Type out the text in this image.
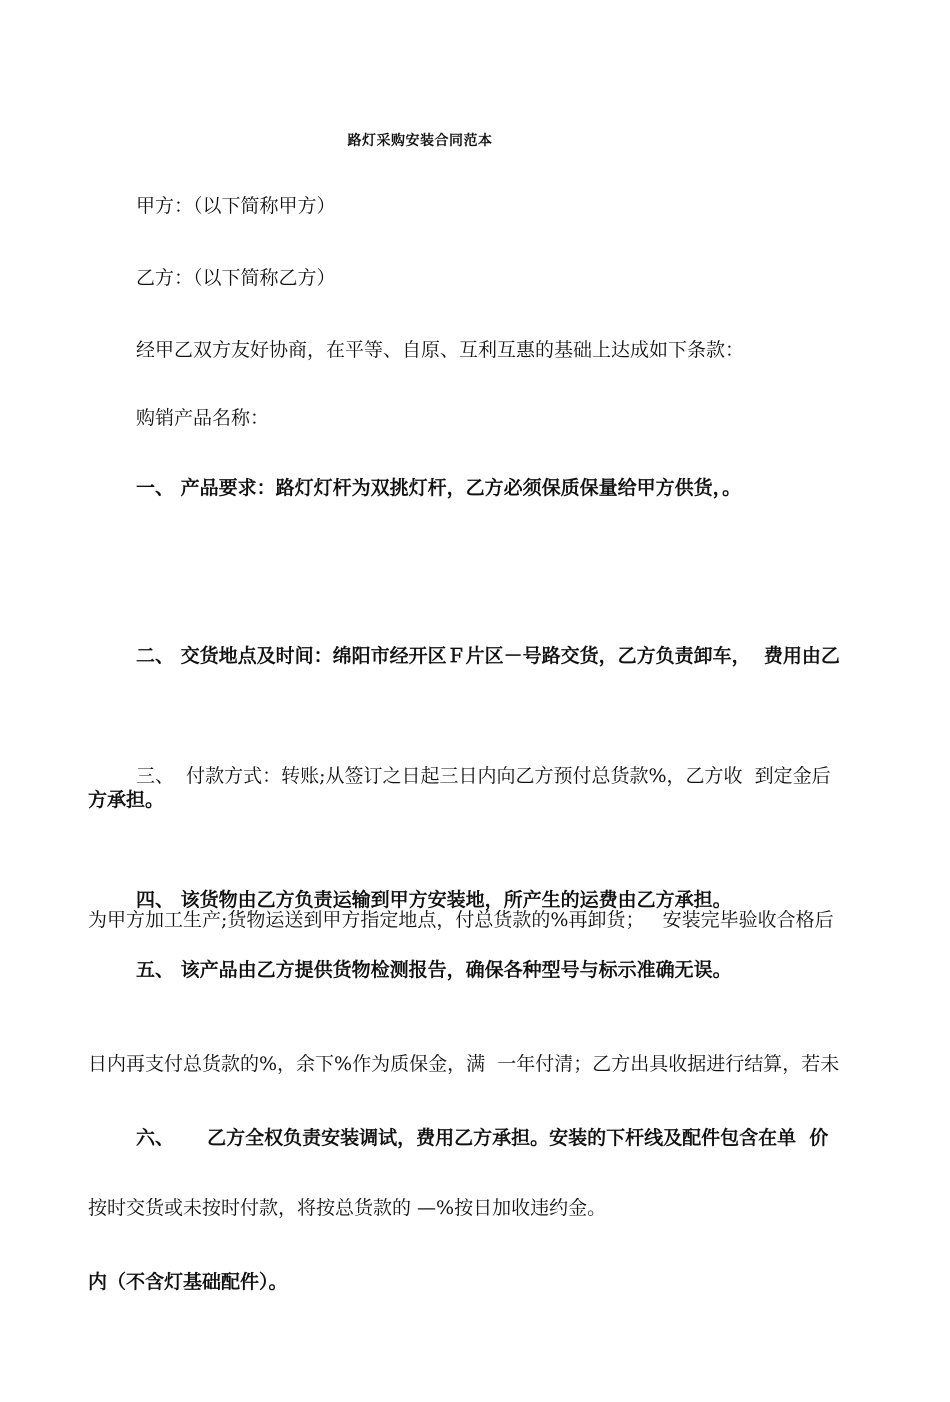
路灯采购安装合同范本
甲方：（以下简称甲方）
乙方：（以下简称乙方）
经甲乙双方友好协商，在平等、自原、互利互惠的基础上达成如下条款：
购销产品名称：
一、 产品要求：路灯灯杆为双挑灯杆，乙方必须保质保量给甲方供货，。

二、 交货地点及时间：绵阳市经开区Ｆ片区－号路交货，乙方负责卸车，  费用由乙

方承担。

三、  付款方式：转账;从签订之日起三日内向乙方预付总货款%，乙方收  到定金后

为甲方加工生产;货物运送到甲方指定地点，付总货款的%再卸货；   安装完毕验收合格后

日内再支付总货款的%，余下%作为质保金，满  一年付清；乙方出具收据进行结算，若未

按时交货或未按时付款，将按总货款的 —%按日加收违约金。

四、 该货物由乙方负责运输到甲方安装地，所产生的运费由乙方承担。
五、 该产品由乙方提供货物检测报告，确保各种型号与标示准确无误。

六、     乙方全权负责安装调试，费用乙方承担。安装的下杆线及配件包含在单  价

内（不含灯基础配件）。
